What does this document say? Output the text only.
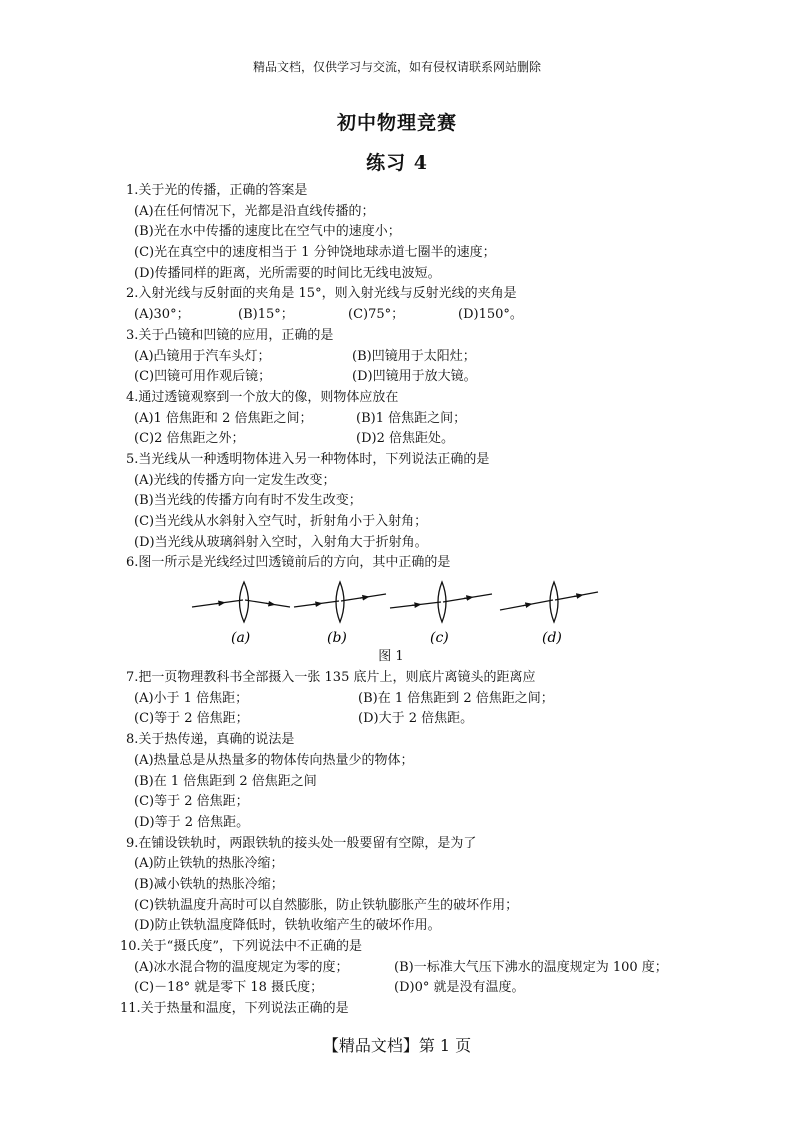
精品文档，仅供学习与交流，如有侵权请联系网站删除
初中物理竞赛
练习 4
1.关于光的传播，正确的答案是
(A)在任何情况下，光都是沿直线传播的；
(B)光在水中传播的速度比在空气中的速度小；
(C)光在真空中的速度相当于 1 分钟饶地球赤道七圈半的速度；
(D)传播同样的距离，光所需要的时间比无线电波短。
2.入射光线与反射面的夹角是 15°，则入射光线与反射光线的夹角是
(A)30°；	(B)15°；	(C)75°；	(D)150°。
3.关于凸镜和凹镜的应用，正确的是
(A)凸镜用于汽车头灯；	(B)凹镜用于太阳灶；
(C)凹镜可用作观后镜；	(D)凹镜用于放大镜。
4.通过透镜观察到一个放大的像，则物体应放在
(A)1 倍焦距和 2 倍焦距之间；	(B)1 倍焦距之间；
(C)2 倍焦距之外；	(D)2 倍焦距处。
5.当光线从一种透明物体进入另一种物体时，下列说法正确的是
(A)光线的传播方向一定发生改变；
(B)当光线的传播方向有时不发生改变；
(C)当光线从水斜射入空气时，折射角小于入射角；
(D)当光线从玻璃斜射入空时，入射角大于折射角。
6.图一所示是光线经过凹透镜前后的方向，其中正确的是
(a)	(b)	(c)	(d)
图 1
7.把一页物理教科书全部摄入一张 135 底片上，则底片离镜头的距离应
(A)小于 1 倍焦距；	(B)在 1 倍焦距到 2 倍焦距之间；
(C)等于 2 倍焦距；	(D)大于 2 倍焦距。
8.关于热传递，真确的说法是
(A)热量总是从热量多的物体传向热量少的物体；
(B)在 1 倍焦距到 2 倍焦距之间
(C)等于 2 倍焦距；
(D)等于 2 倍焦距。
9.在铺设铁轨时，两跟铁轨的接头处一般要留有空隙，是为了
(A)防止铁轨的热胀冷缩；
(B)减小铁轨的热胀冷缩；
(C)铁轨温度升高时可以自然膨胀，防止铁轨膨胀产生的破坏作用；
(D)防止铁轨温度降低时，铁轨收缩产生的破坏作用。
10.关于“摄氏度”，下列说法中不正确的是
(A)冰水混合物的温度规定为零的度；	(B)一标准大气压下沸水的温度规定为 100 度；
(C)－18° 就是零下 18 摄氏度；	(D)0° 就是没有温度。
11.关于热量和温度，下列说法正确的是
【精品文档】第 1 页
